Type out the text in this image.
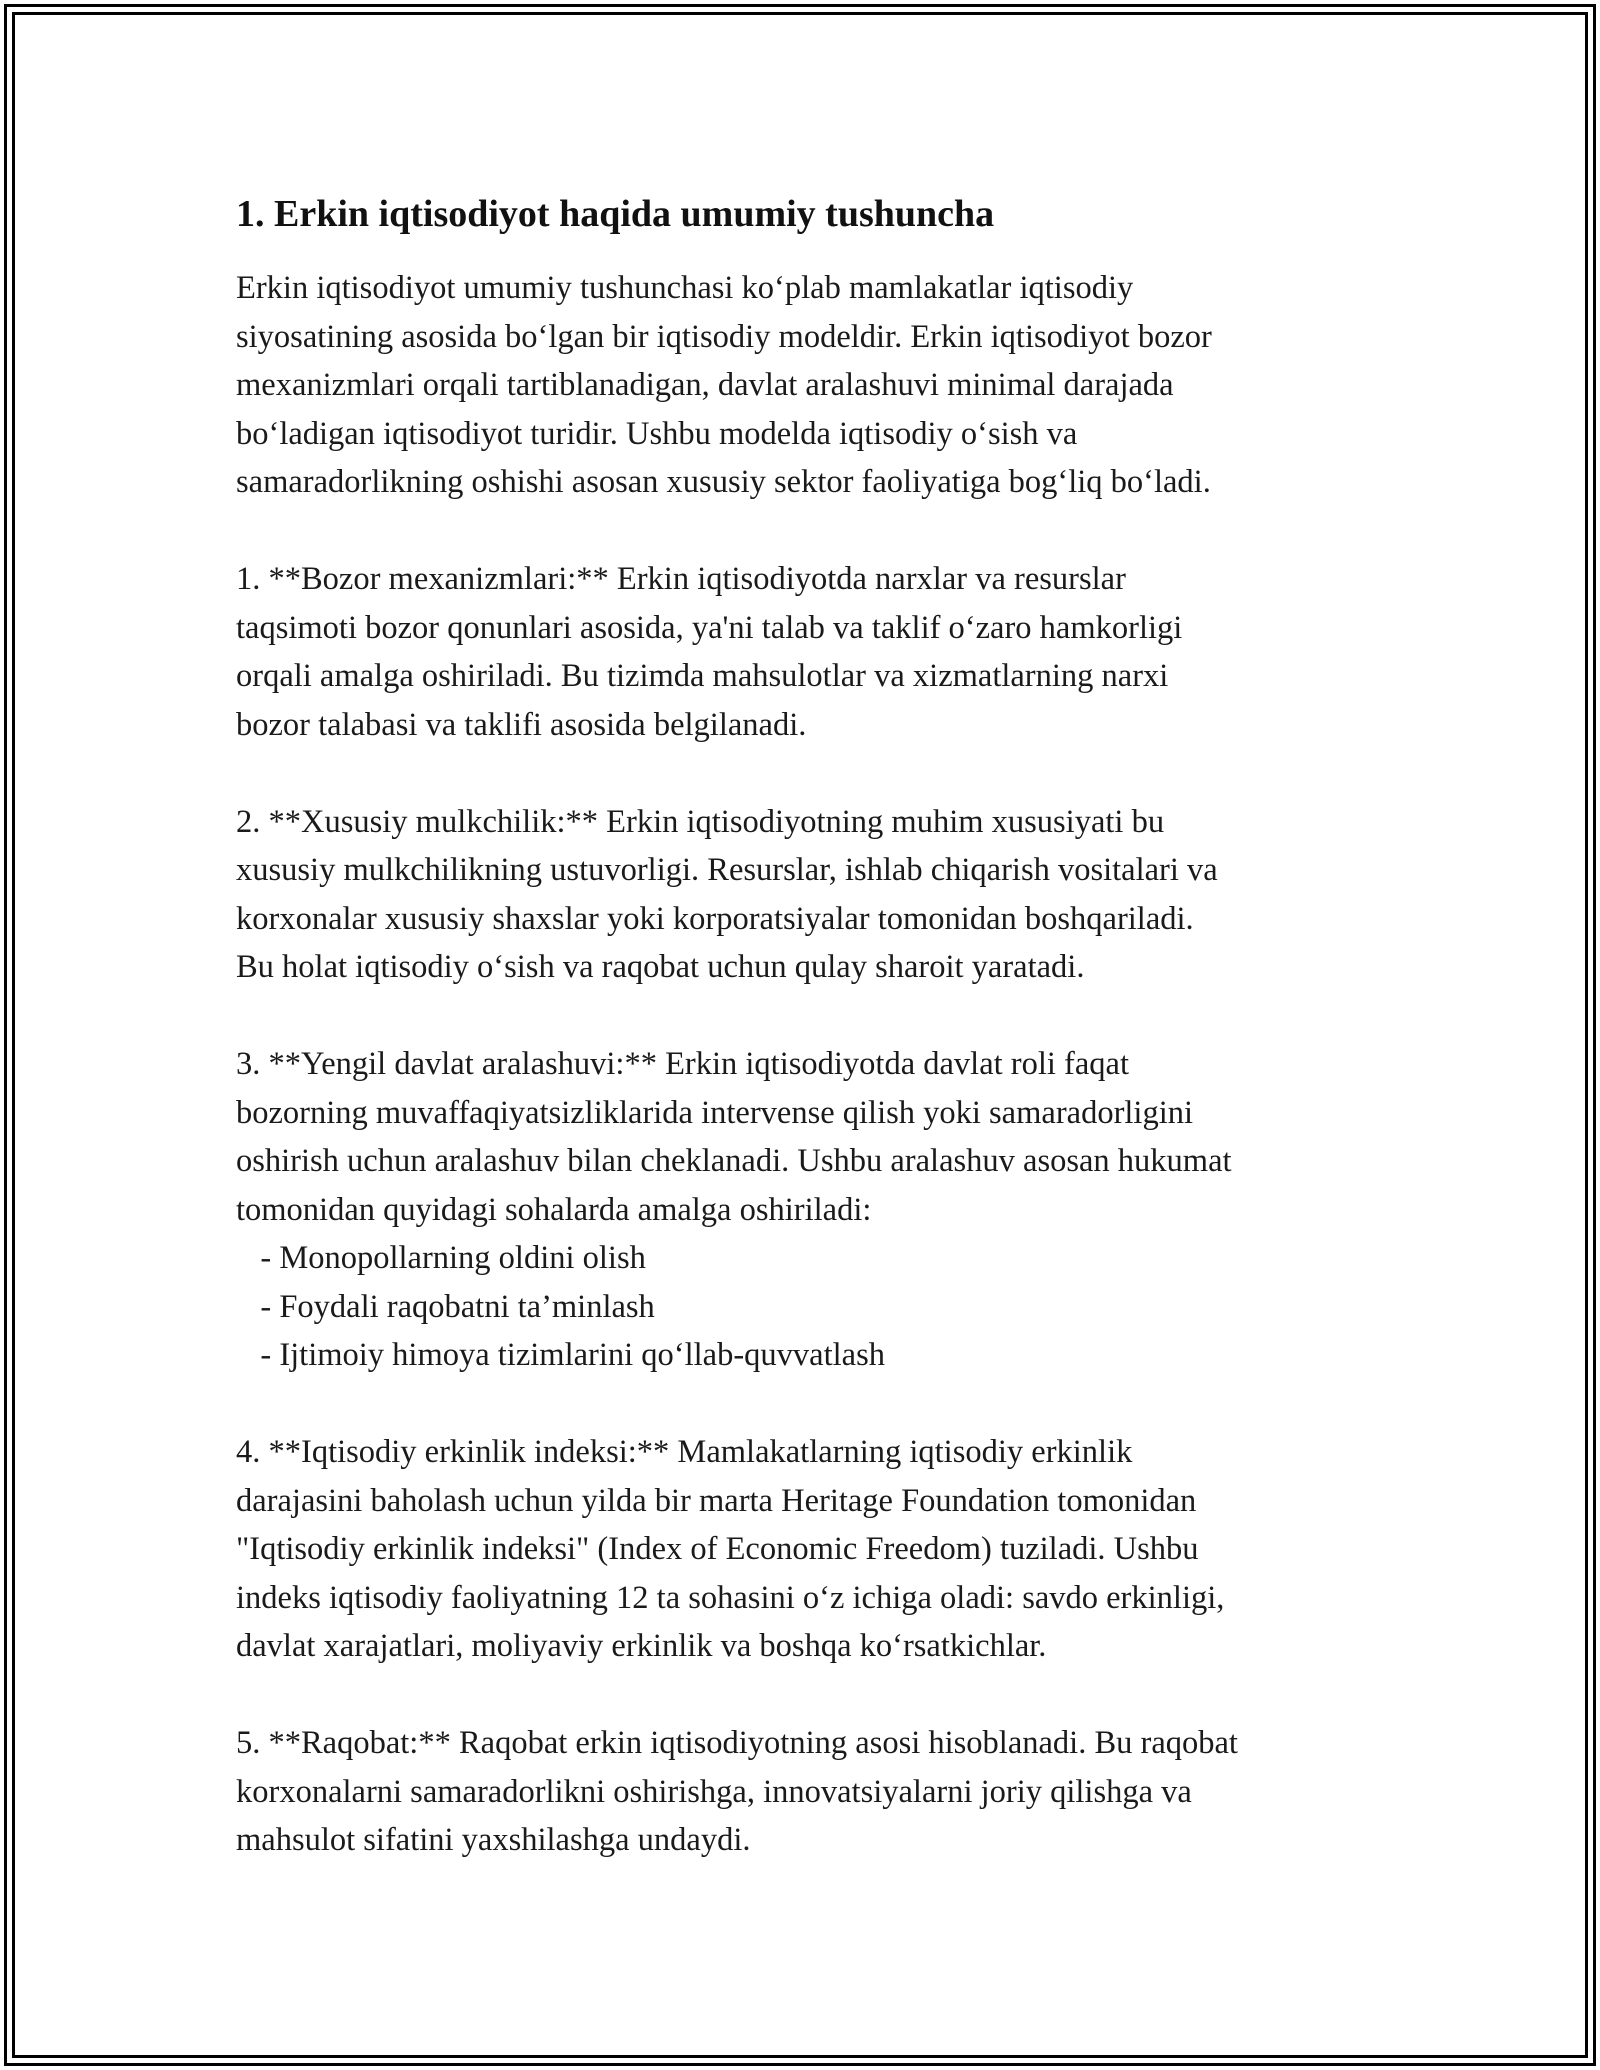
1. Erkin iqtisodiyot haqida umumiy tushuncha
Erkin iqtisodiyot umumiy tushunchasi ko‘plab mamlakatlar iqtisodiy
siyosatining asosida bo‘lgan bir iqtisodiy modeldir. Erkin iqtisodiyot bozor
mexanizmlari orqali tartiblanadigan, davlat aralashuvi minimal darajada
bo‘ladigan iqtisodiyot turidir. Ushbu modelda iqtisodiy o‘sish va
samaradorlikning oshishi asosan xususiy sektor faoliyatiga bog‘liq bo‘ladi.
1. **Bozor mexanizmlari:** Erkin iqtisodiyotda narxlar va resurslar
taqsimoti bozor qonunlari asosida, ya'ni talab va taklif o‘zaro hamkorligi
orqali amalga oshiriladi. Bu tizimda mahsulotlar va xizmatlarning narxi
bozor talabasi va taklifi asosida belgilanadi.
2. **Xususiy mulkchilik:** Erkin iqtisodiyotning muhim xususiyati bu
xususiy mulkchilikning ustuvorligi. Resurslar, ishlab chiqarish vositalari va
korxonalar xususiy shaxslar yoki korporatsiyalar tomonidan boshqariladi.
Bu holat iqtisodiy o‘sish va raqobat uchun qulay sharoit yaratadi.
3. **Yengil davlat aralashuvi:** Erkin iqtisodiyotda davlat roli faqat
bozorning muvaffaqiyatsizliklarida intervense qilish yoki samaradorligini
oshirish uchun aralashuv bilan cheklanadi. Ushbu aralashuv asosan hukumat
tomonidan quyidagi sohalarda amalga oshiriladi:
- Monopollarning oldini olish
- Foydali raqobatni ta’minlash
- Ijtimoiy himoya tizimlarini qo‘llab-quvvatlash
4. **Iqtisodiy erkinlik indeksi:** Mamlakatlarning iqtisodiy erkinlik
darajasini baholash uchun yilda bir marta Heritage Foundation tomonidan
"Iqtisodiy erkinlik indeksi" (Index of Economic Freedom) tuziladi. Ushbu
indeks iqtisodiy faoliyatning 12 ta sohasini o‘z ichiga oladi: savdo erkinligi,
davlat xarajatlari, moliyaviy erkinlik va boshqa ko‘rsatkichlar.
5. **Raqobat:** Raqobat erkin iqtisodiyotning asosi hisoblanadi. Bu raqobat
korxonalarni samaradorlikni oshirishga, innovatsiyalarni joriy qilishga va
mahsulot sifatini yaxshilashga undaydi.
